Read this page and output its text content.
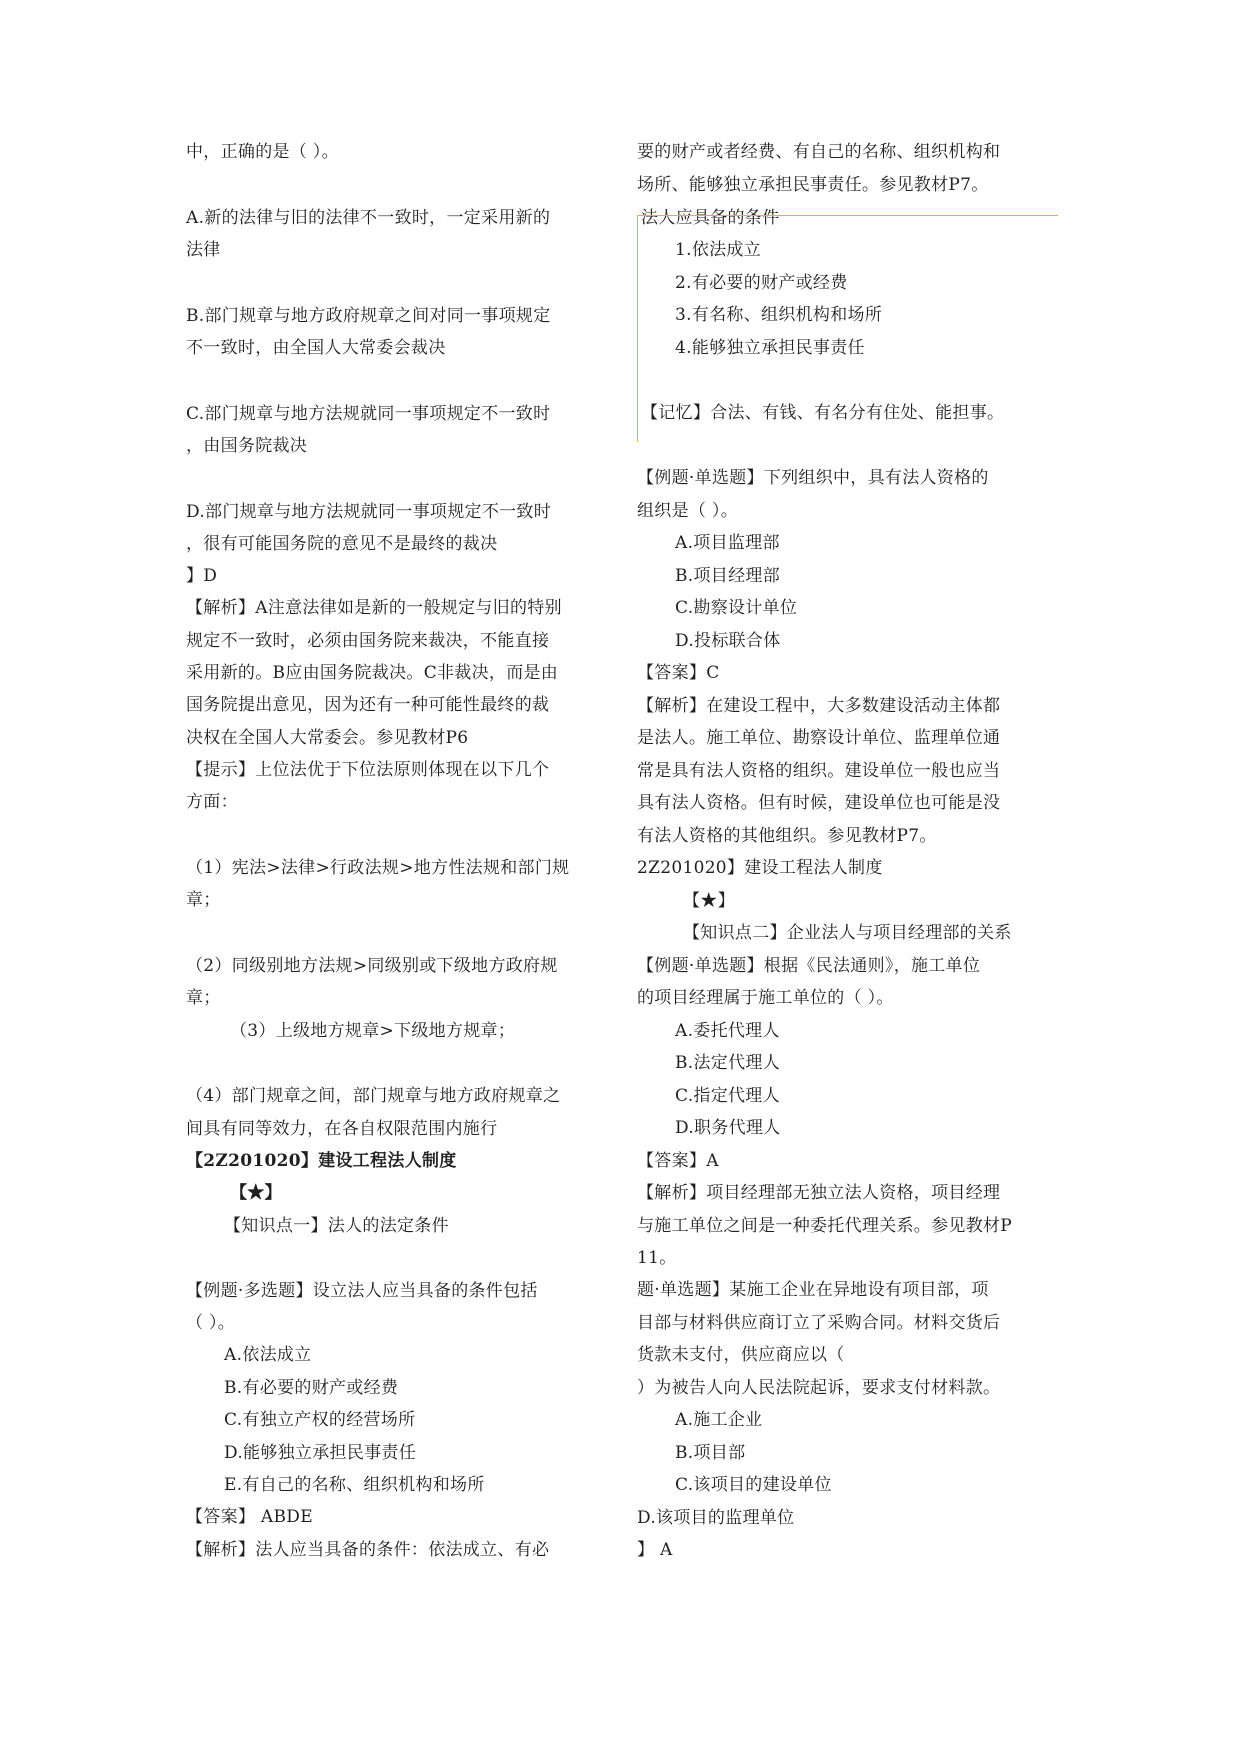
中，正确的是（ ）。
A.新的法律与旧的法律不一致时，一定采用新的
法律
B.部门规章与地方政府规章之间对同一事项规定
不一致时，由全国人大常委会裁决
C.部门规章与地方法规就同一事项规定不一致时
，由国务院裁决
D.部门规章与地方法规就同一事项规定不一致时
，很有可能国务院的意见不是最终的裁决
】D
【解析】A注意法律如是新的一般规定与旧的特别
规定不一致时，必须由国务院来裁决，不能直接
采用新的。B应由国务院裁决。C非裁决，而是由
国务院提出意见，因为还有一种可能性最终的裁
决权在全国人大常委会。参见教材P6
【提示】上位法优于下位法原则体现在以下几个
方面：
（1）宪法>法律>行政法规>地方性法规和部门规
章；
（2）同级别地方法规>同级别或下级地方政府规
章；
（3）上级地方规章>下级地方规章；
（4）部门规章之间，部门规章与地方政府规章之
间具有同等效力，在各自权限范围内施行
【2Z201020】建设工程法人制度
【★】
【知识点一】法人的法定条件
【例题·多选题】设立法人应当具备的条件包括
（ ）。
A.依法成立
B.有必要的财产或经费
C.有独立产权的经营场所
D.能够独立承担民事责任
E.有自己的名称、组织机构和场所
【答案】 ABDE
【解析】法人应当具备的条件：依法成立、有必
要的财产或者经费、有自己的名称、组织机构和
场所、能够独立承担民事责任。参见教材P7。
法人应具备的条件
1.依法成立
2.有必要的财产或经费
3.有名称、组织机构和场所
4.能够独立承担民事责任
【记忆】合法、有钱、有名分有住处、能担事。
【例题·单选题】下列组织中，具有法人资格的
组织是（ ）。
A.项目监理部
B.项目经理部
C.勘察设计单位
D.投标联合体
【答案】C
【解析】在建设工程中，大多数建设活动主体都
是法人。施工单位、勘察设计单位、监理单位通
常是具有法人资格的组织。建设单位一般也应当
具有法人资格。但有时候，建设单位也可能是没
有法人资格的其他组织。参见教材P7。
2Z201020】建设工程法人制度
【★】
【知识点二】企业法人与项目经理部的关系
【例题·单选题】根据《民法通则》，施工单位
的项目经理属于施工单位的（ ）。
A.委托代理人
B.法定代理人
C.指定代理人
D.职务代理人
【答案】A
【解析】项目经理部无独立法人资格，项目经理
与施工单位之间是一种委托代理关系。参见教材P
11。
题·单选题】某施工企业在异地设有项目部，项
目部与材料供应商订立了采购合同。材料交货后
货款未支付，供应商应以（
）为被告人向人民法院起诉，要求支付材料款。
A.施工企业
B.项目部
C.该项目的建设单位
D.该项目的监理单位
】 A
